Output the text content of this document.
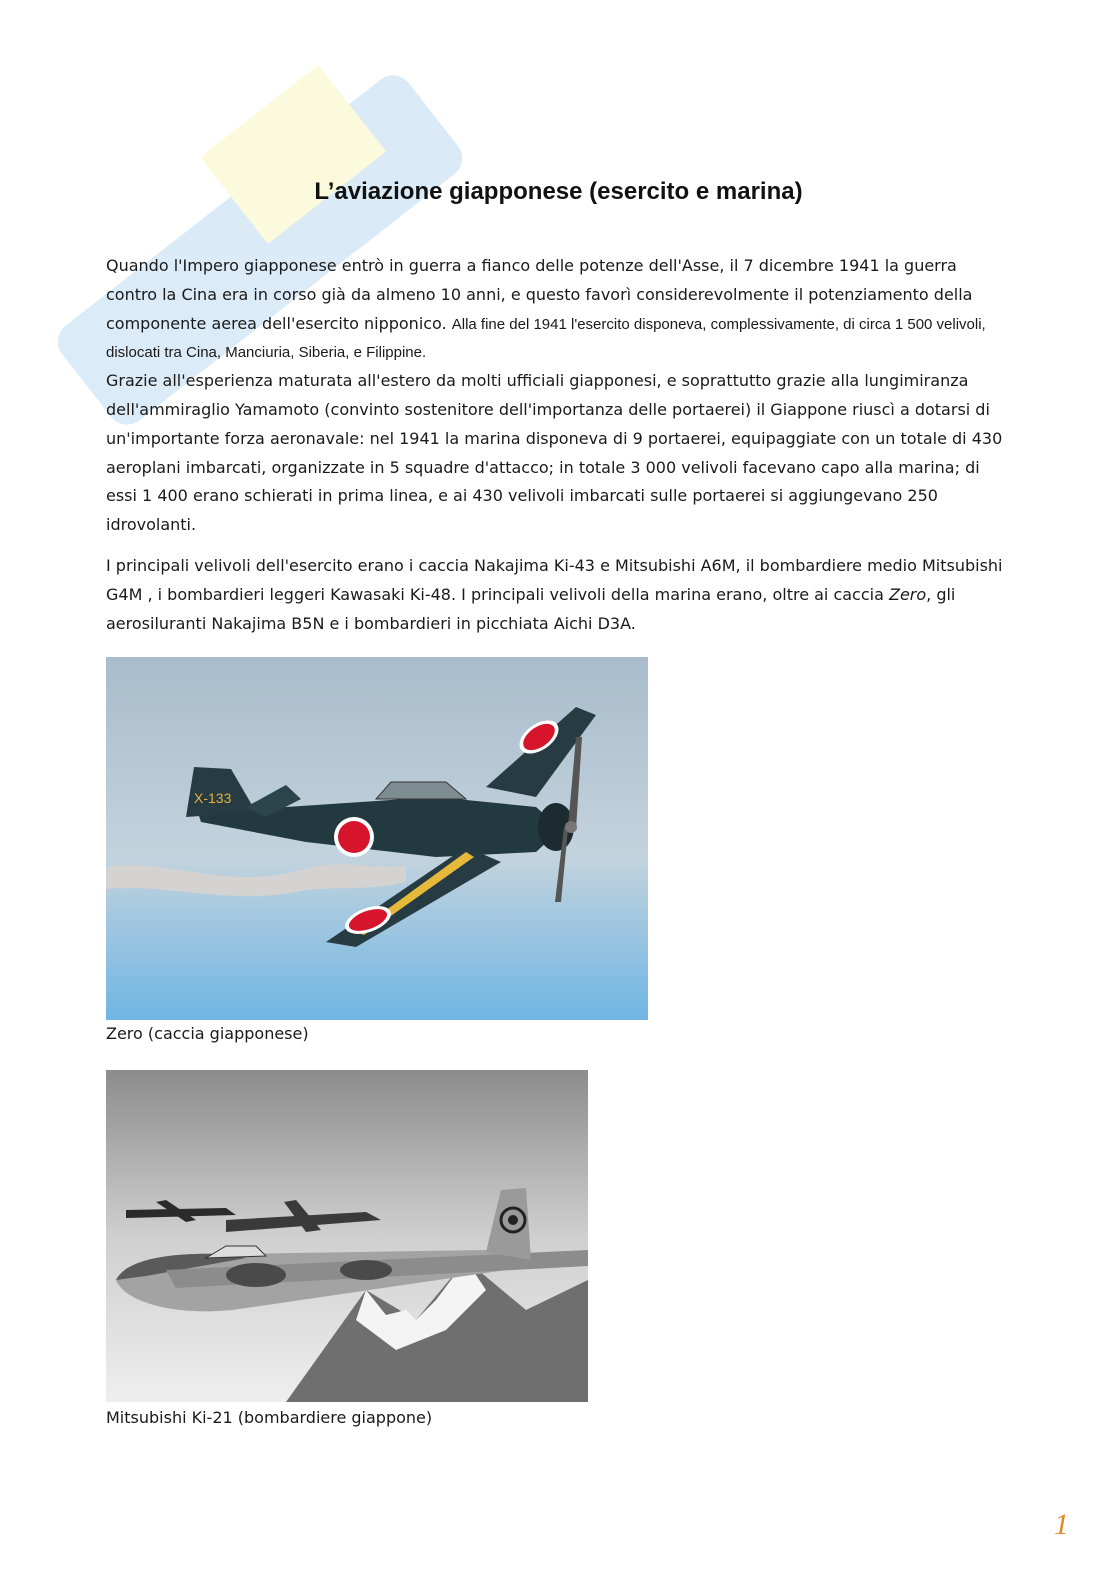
L’aviazione giapponese (esercito e marina)
Quando l'Impero giapponese entrò in guerra a fianco delle potenze dell'Asse, il 7 dicembre 1941 la guerra contro la Cina era in corso già da almeno 10 anni, e questo favorì considerevolmente il potenziamento della componente aerea dell'esercito nipponico. Alla fine del 1941 l'esercito disponeva, complessivamente, di circa 1 500 velivoli, dislocati tra Cina, Manciuria, Siberia, e Filippine.
Grazie all'esperienza maturata all'estero da molti ufficiali giapponesi, e soprattutto grazie alla lungimiranza dell'ammiraglio Yamamoto (convinto sostenitore dell'importanza delle portaerei) il Giappone riuscì a dotarsi di un'importante forza aeronavale: nel 1941 la marina disponeva di 9 portaerei, equipaggiate con un totale di 430 aeroplani imbarcati, organizzate in 5 squadre d'attacco; in totale 3 000 velivoli facevano capo alla marina; di essi 1 400 erano schierati in prima linea, e ai 430 velivoli imbarcati sulle portaerei si aggiungevano 250 idrovolanti.
I principali velivoli dell'esercito erano i caccia Nakajima Ki-43 e Mitsubishi A6M, il bombardiere medio Mitsubishi G4M , i bombardieri leggeri Kawasaki Ki-48. I principali velivoli della marina erano, oltre ai caccia Zero, gli aerosiluranti Nakajima B5N e i bombardieri in picchiata Aichi D3A.
X-133

Zero (caccia giapponese)

Mitsubishi Ki-21 (bombardiere giappone)

1
